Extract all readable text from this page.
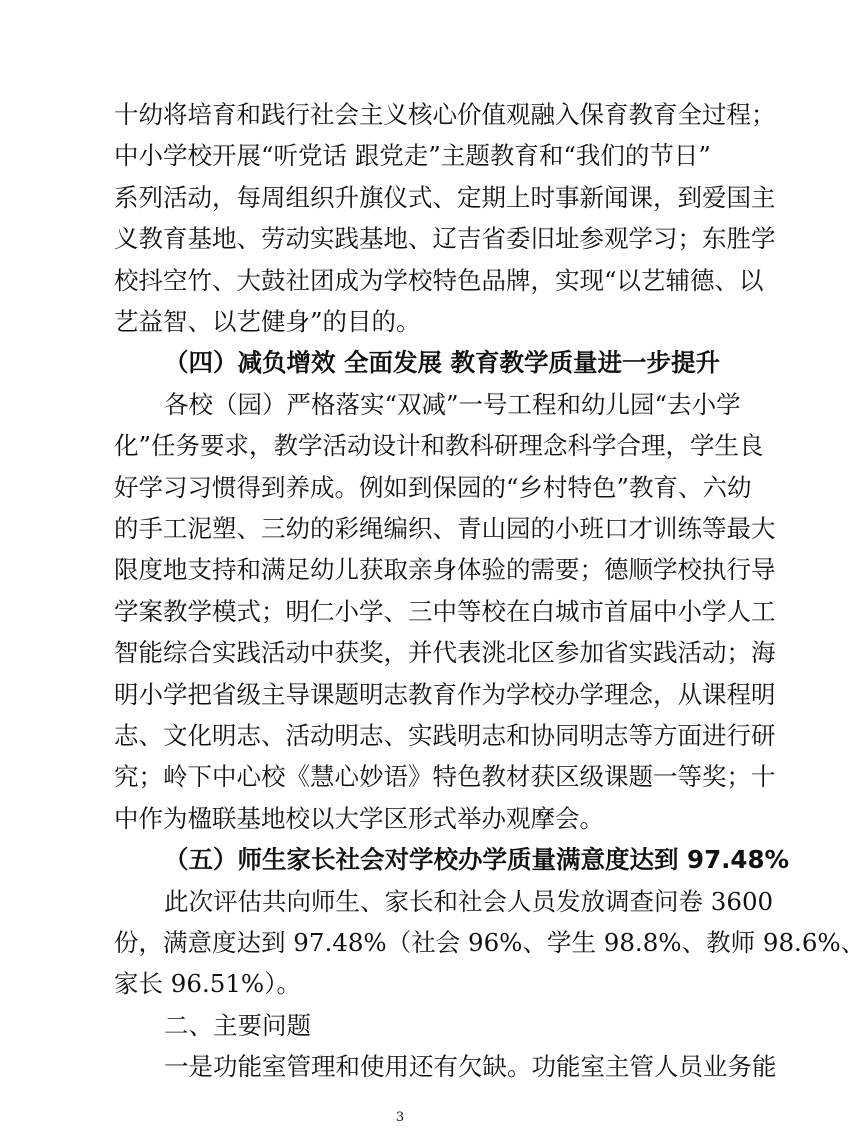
十幼将培育和践行社会主义核心价值观融入保育教育全过程；
中小学校开展“听党话 跟党走”主题教育和“我们的节日”
系列活动，每周组织升旗仪式、定期上时事新闻课，到爱国主
义教育基地、劳动实践基地、辽吉省委旧址参观学习；东胜学
校抖空竹、大鼓社团成为学校特色品牌，实现“以艺辅德、以
艺益智、以艺健身”的目的。
（四）减负增效 全面发展 教育教学质量进一步提升
各校（园）严格落实“双减”一号工程和幼儿园“去小学
化”任务要求，教学活动设计和教科研理念科学合理，学生良
好学习习惯得到养成。例如到保园的“乡村特色”教育、六幼
的手工泥塑、三幼的彩绳编织、青山园的小班口才训练等最大
限度地支持和满足幼儿获取亲身体验的需要；德顺学校执行导
学案教学模式；明仁小学、三中等校在白城市首届中小学人工
智能综合实践活动中获奖，并代表洮北区参加省实践活动；海
明小学把省级主导课题明志教育作为学校办学理念，从课程明
志、文化明志、活动明志、实践明志和协同明志等方面进行研
究；岭下中心校《慧心妙语》特色教材获区级课题一等奖；十
中作为楹联基地校以大学区形式举办观摩会。
（五）师生家长社会对学校办学质量满意度达到 97.48%
此次评估共向师生、家长和社会人员发放调查问卷 3600
份，满意度达到 97.48%（社会 96%、学生 98.8%、教师 98.6%、
家长 96.51%）。
二、主要问题
一是功能室管理和使用还有欠缺。功能室主管人员业务能
3
